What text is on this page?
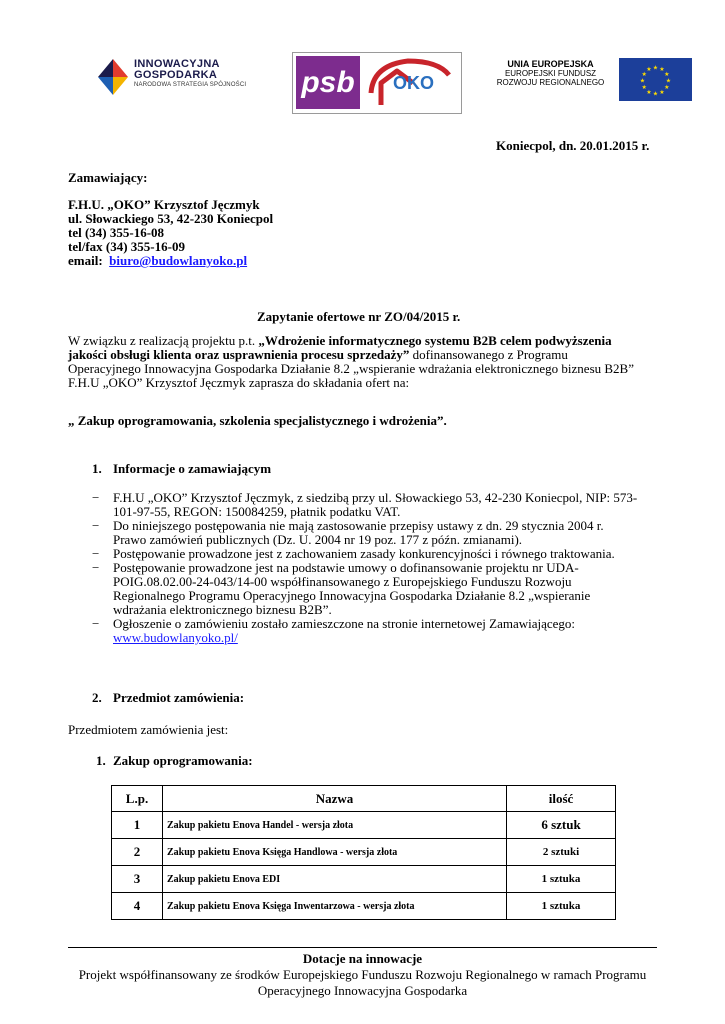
INNOWACYJNA
GOSPODARKA
NARODOWA STRATEGIA SPÓJNOŚCI psb OKO
UNIA EUROPEJSKA
EUROPEJSKI FUNDUSZ
ROZWOJU REGIONALNEGO	★
★
★
★
★
★
★
★
★ ★ ★
★
Koniecpol, dn. 20.01.2015 r.
Zamawiający:
F.H.U. „OKO” Krzysztof Jęczmyk
ul. Słowackiego 53, 42-230 Koniecpol
tel (34) 355-16-08
tel/fax (34) 355-16-09
email: biuro@budowlanyoko.pl
Zapytanie ofertowe nr ZO/04/2015 r.
W związku z realizacją projektu p.t. „Wdrożenie informatycznego systemu B2B celem podwyższenia
jakości obsługi klienta oraz usprawnienia procesu sprzedaży” dofinansowanego z Programu
Operacyjnego Innowacyjna Gospodarka Działanie 8.2 „wspieranie wdrażania elektronicznego biznesu B2B”
F.H.U „OKO” Krzysztof Jęczmyk zaprasza do składania ofert na:
„ Zakup oprogramowania, szkolenia specjalistycznego i wdrożenia”.
1. Informacje o zamawiającym
− F.H.U „OKO” Krzysztof Jęczmyk, z siedzibą przy ul. Słowackiego 53, 42-230 Koniecpol, NIP: 573-
101-97-55, REGON: 150084259, płatnik podatku VAT.
− Do niniejszego postępowania nie mają zastosowanie przepisy ustawy z dn. 29 stycznia 2004 r.
Prawo zamówień publicznych (Dz. U. 2004 nr 19 poz. 177 z późn. zmianami).
− Postępowanie prowadzone jest z zachowaniem zasady konkurencyjności i równego traktowania.
− Postępowanie prowadzone jest na podstawie umowy o dofinansowanie projektu nr UDA-
POIG.08.02.00-24-043/14-00 współfinansowanego z Europejskiego Funduszu Rozwoju
Regionalnego Programu Operacyjnego Innowacyjna Gospodarka Działanie 8.2 „wspieranie
wdrażania elektronicznego biznesu B2B”.
− Ogłoszenie o zamówieniu zostało zamieszczone na stronie internetowej Zamawiającego:
www.budowlanyoko.pl/
2. Przedmiot zamówienia:
Przedmiotem zamówienia jest:
1. Zakup oprogramowania:
L.p.	Nazwa	ilość
1	Zakup pakietu Enova Handel - wersja złota	6 sztuk
2	Zakup pakietu Enova Księga Handlowa - wersja złota	2 sztuki
3	Zakup pakietu Enova EDI	1 sztuka
4	Zakup pakietu Enova Księga Inwentarzowa - wersja złota	1 sztuka
Dotacje na innowacje
Projekt współfinansowany ze środków Europejskiego Funduszu Rozwoju Regionalnego w ramach Programu
Operacyjnego Innowacyjna Gospodarka
